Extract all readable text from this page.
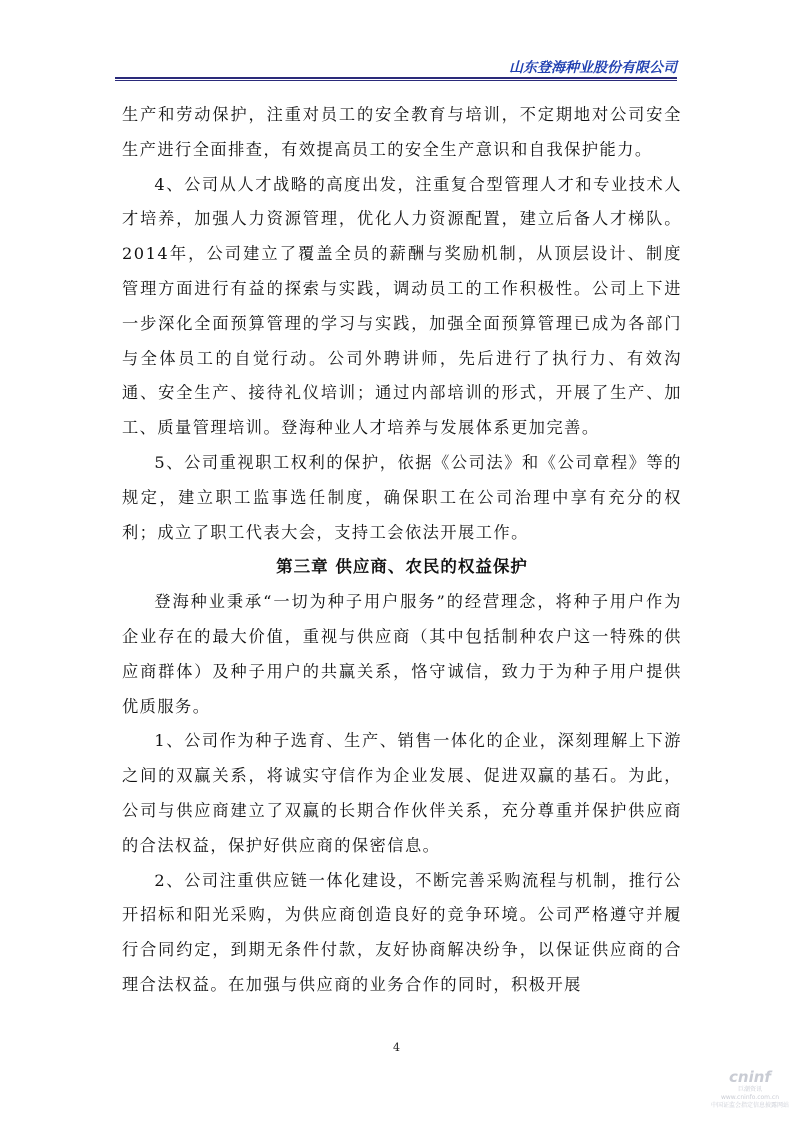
山东登海种业股份有限公司

生产和劳动保护，注重对员工的安全教育与培训，不定期地对公司安全生产进行全面排查，有效提高员工的安全生产意识和自我保护能力。

4、公司从人才战略的高度出发，注重复合型管理人才和专业技术人才培养，加强人力资源管理，优化人力资源配置，建立后备人才梯队。2014年，公司建立了覆盖全员的薪酬与奖励机制，从顶层设计、制度管理方面进行有益的探索与实践，调动员工的工作积极性。公司上下进一步深化全面预算管理的学习与实践，加强全面预算管理已成为各部门与全体员工的自觉行动。公司外聘讲师，先后进行了执行力、有效沟通、安全生产、接待礼仪培训；通过内部培训的形式，开展了生产、加工、质量管理培训。登海种业人才培养与发展体系更加完善。

5、公司重视职工权利的保护，依据《公司法》和《公司章程》等的规定，建立职工监事选任制度，确保职工在公司治理中享有充分的权利；成立了职工代表大会，支持工会依法开展工作。

第三章 供应商、农民的权益保护

登海种业秉承“一切为种子用户服务”的经营理念，将种子用户作为企业存在的最大价值，重视与供应商（其中包括制种农户这一特殊的供应商群体）及种子用户的共赢关系，恪守诚信，致力于为种子用户提供优质服务。

1、公司作为种子选育、生产、销售一体化的企业，深刻理解上下游之间的双赢关系，将诚实守信作为企业发展、促进双赢的基石。为此，公司与供应商建立了双赢的长期合作伙伴关系，充分尊重并保护供应商的合法权益，保护好供应商的保密信息。

2、公司注重供应链一体化建设，不断完善采购流程与机制，推行公开招标和阳光采购，为供应商创造良好的竞争环境。公司严格遵守并履行合同约定，到期无条件付款，友好协商解决纷争，以保证供应商的合理合法权益。在加强与供应商的业务合作的同时，积极开展

4
cninf
巨潮资讯
www.cninfo.com.cn
中国证监会指定信息披露网站
